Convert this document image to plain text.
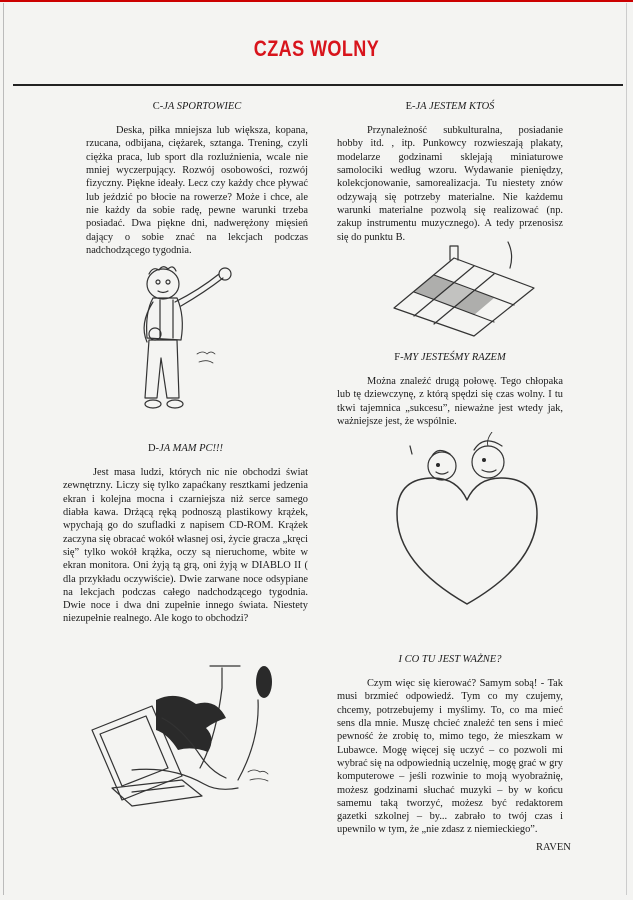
CZAS WOLNY

C-JA SPORTOWIEC

Deska, piłka mniejsza lub większa, kopana, rzucana, odbijana, ciężarek, sztanga. Trening, czyli ciężka praca, lub sport dla rozluźnienia, wcale nie mniej wyczerpujący. Rozwój osobowości, rozwój fizyczny. Piękne ideały. Lecz czy każdy chce pływać lub jeździć po błocie na rowerze? Może i chce, ale nie każdy da sobie radę, pewne warunki trzeba posiadać. Dwa piękne dni, nadwerężony mięsień dający o sobie znać na lekcjach podczas nadchodzącego tygodnia.

D-JA MAM PC!!!

Jest masa ludzi, których nic nie obchodzi świat zewnętrzny. Liczy się tylko zapaćkany resztkami jedzenia ekran i kolejna mocna i czarniejsza niż serce samego diabła kawa. Drżącą ręką podnoszą plastikowy krążek, wpychają go do szufladki z napisem CD-ROM. Krążek zaczyna się obracać wokół własnej osi, życie gracza „kręci się” tylko wokół krążka, oczy są nieruchome, wbite w ekran monitora. Oni żyją tą grą, oni żyją w DIABLO II ( dla przykładu oczywiście). Dwie zarwane noce odsypiane na lekcjach podczas całego nadchodzącego tygodnia. Dwie noce i dwa dni zupełnie innego świata. Niestety niezupełnie realnego. Ale kogo to obchodzi?

E-JA JESTEM KTOŚ

Przynależność subkulturalna, posiadanie hobby itd. , itp. Punkowcy rozwieszają plakaty, modelarze godzinami sklejają miniaturowe samolociki według wzoru. Wydawanie pieniędzy, kolekcjonowanie, samorealizacja. Tu niestety znów odzywają się potrzeby materialne. Nie każdemu warunki materialne pozwolą się realizować (np. zakup instrumentu muzycznego). A tedy przenosisz się do punktu B.

F-MY JESTEŚMY RAZEM

Można znaleźć drugą połowę. Tego chłopaka lub tę dziewczynę, z którą spędzi się czas wolny. I tu tkwi tajemnica „sukcesu”, nieważne jest wtedy jak, ważniejsze jest, że wspólnie.

I CO TU JEST WAŻNE?

Czym więc się kierować? Samym sobą! - Tak musi brzmieć odpowiedź. Tym co my czujemy, chcemy, potrzebujemy i myślimy. To, co ma mieć sens dla mnie. Muszę chcieć znaleźć ten sens i mieć pewność że zrobię to, mimo tego, że mieszkam w Lubawce. Mogę więcej się uczyć – co pozwoli mi wybrać się na odpowiednią uczelnię, mogę grać w gry komputerowe – jeśli rozwinie to moją wyobraźnię, możesz godzinami słuchać muzyki – by w końcu samemu taką tworzyć, możesz być redaktorem gazetki szkolnej – by... zabrało to twój czas i upewnilo w tym, że „nie zdasz z niemieckiego”.

RAVEN
